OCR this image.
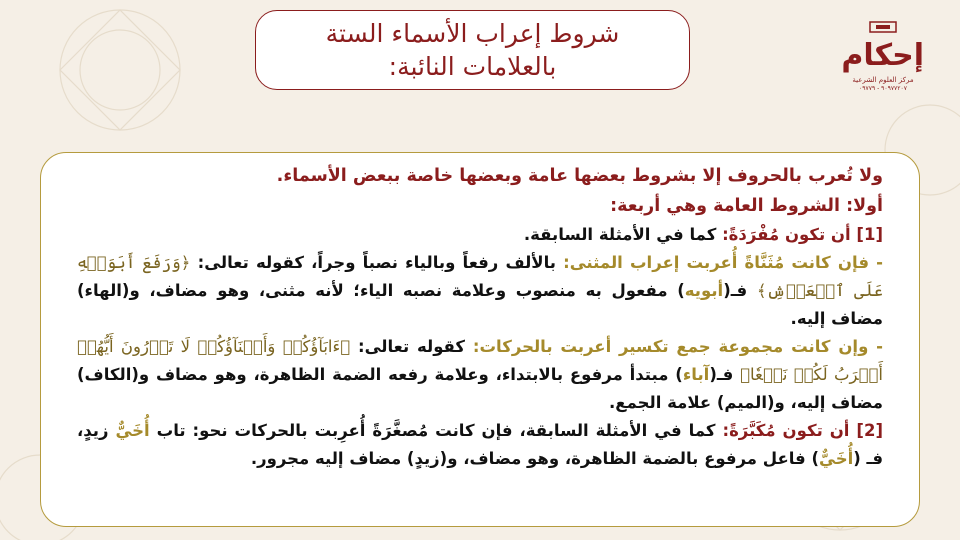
شروط إعراب الأسماء الستة
بالعلامات النائبة:	إحكام
مركز العلوم الشرعية
٩٠٩٧٧٢٠٧ - ٠٩٧٧٩

ولا تُعرب بالحروف إلا بشروط بعضها عامة وبعضها خاصة ببعض الأسماء.

أولا: الشروط العامة وهي أربعة:

[1] أن تكون مُفْرَدَةً: كما في الأمثلة السابقة.

- فإن كانت مُثَنَّاةً أُعربت إعراب المثنى: بالألف رفعاً وبالياء نصباً وجراً، كقوله تعالى: ﴿وَرَفَعَ أَبَوَيۡهِ عَلَى ٱلۡعَرۡشِ﴾ فـ(أبويه) مفعول به منصوب وعلامة نصبه الياء؛ لأنه مثنى، وهو مضاف، و(الهاء) مضاف إليه.

- وإن كانت مجموعة جمع تكسير أعربت بالحركات: كقوله تعالى: ﴿ءَابَآؤُكُمۡ وَأَبۡنَآؤُكُمۡ لَا تَدۡرُونَ أَيُّهُمۡ أَقۡرَبُ لَكُمۡ نَفۡعٗا﴾ فـ(آباء) مبتدأ مرفوع بالابتداء، وعلامة رفعه الضمة الظاهرة، وهو مضاف و(الكاف) مضاف إليه، و(الميم) علامة الجمع.

[2] أن تكون مُكَبَّرَةً: كما في الأمثلة السابقة، فإن كانت مُصغَّرَةً أُعرِبت بالحركات نحو: تاب أُخَيٌّ زيدٍ، فـ (أُخَيٌّ) فاعل مرفوع بالضمة الظاهرة، وهو مضاف، و(زيدٍ) مضاف إليه مجرور.
